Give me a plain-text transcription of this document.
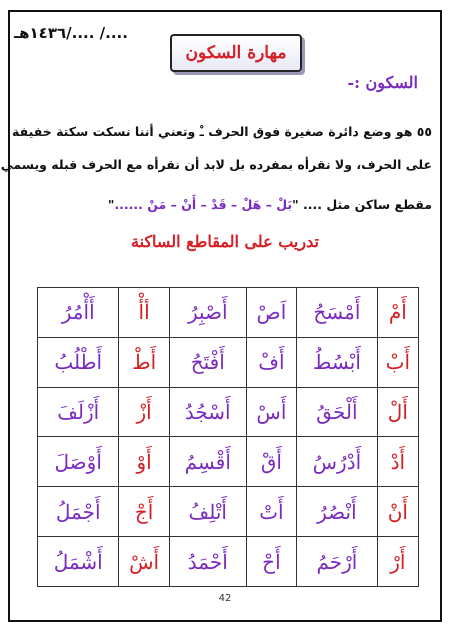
..../ ..../١٤٣٦هـ
مهارة السكون
السكون :-
٥٥ هو وضع دائرة صغيرة فوق الحرف ـْ وتعني أننا نسكت سكتة خفيفة
على الحرف، ولا نقرأه بمفرده بل لابد أن نقرأه مع الحرف قبله ويسمي
مقطع ساكن مثل .... "بَلْ – هَلْ – قَدْ – أَنْ – مَنْ ......"
تدريب على المقاطع الساكنة
أَمْ	أَمْسَحُ	اَصْ	أَصْبِرُ	أأْ	أَأْمُرُ
أَبْ	أَبْسُطُ	أَفْ	أَفْتَحُ	أَطْ	أَطْلُبُ
أَلْ	أَلْحَقُ	أَسْ	أَسْجُدُ	أَزْ	أَزْلَفَ
أَدْ	أَدْرُسُ	أَقْ	أَقْسِمُ	أَوْ	أَوْصَلَ
أَنْ	أَنْصُرُ	أَتْ	أَتْلِفُ	أَجْ	أَجْمَلُ
أَرْ	أَرْحَمُ	أَحْ	أَحْمَدُ	أَشْ	أَشْمَلُ
42
